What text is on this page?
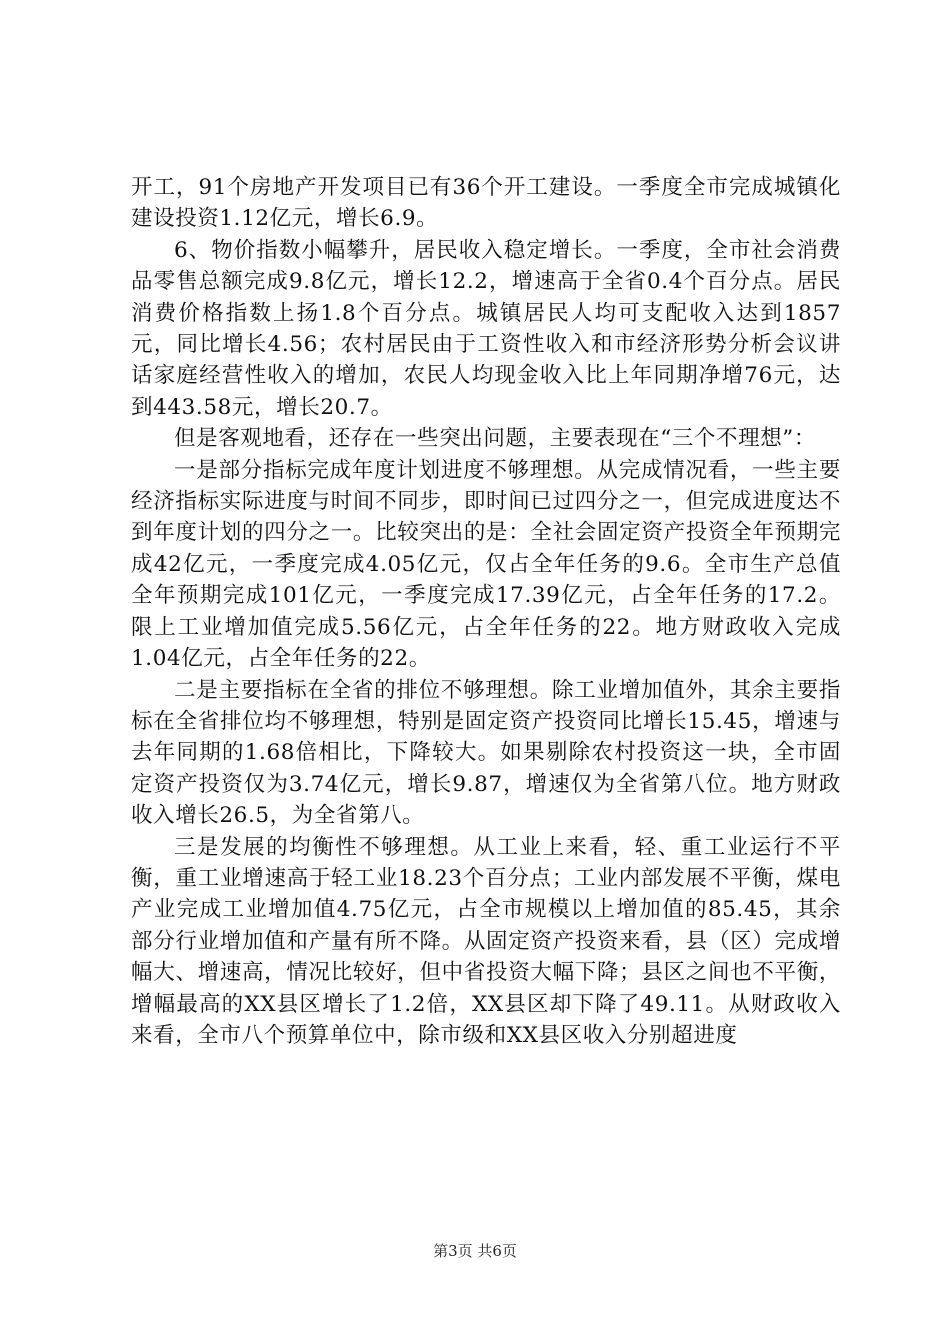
开工，91个房地产开发项目已有36个开工建设。一季度全市完成城镇化建设投资1.12亿元，增长6.9。

6、物价指数小幅攀升，居民收入稳定增长。一季度，全市社会消费品零售总额完成9.8亿元，增长12.2，增速高于全省0.4个百分点。居民消费价格指数上扬1.8个百分点。城镇居民人均可支配收入达到1857元，同比增长4.56；农村居民由于工资性收入和市经济形势分析会议讲话家庭经营性收入的增加，农民人均现金收入比上年同期净增76元，达到443.58元，增长20.7。

但是客观地看，还存在一些突出问题，主要表现在“三个不理想”：

一是部分指标完成年度计划进度不够理想。从完成情况看，一些主要经济指标实际进度与时间不同步，即时间已过四分之一，但完成进度达不到年度计划的四分之一。比较突出的是：全社会固定资产投资全年预期完成42亿元，一季度完成4.05亿元，仅占全年任务的9.6。全市生产总值全年预期完成101亿元，一季度完成17.39亿元，占全年任务的17.2。限上工业增加值完成5.56亿元，占全年任务的22。地方财政收入完成1.04亿元，占全年任务的22。

二是主要指标在全省的排位不够理想。除工业增加值外，其余主要指标在全省排位均不够理想，特别是固定资产投资同比增长15.45，增速与去年同期的1.68倍相比，下降较大。如果剔除农村投资这一块，全市固定资产投资仅为3.74亿元，增长9.87，增速仅为全省第八位。地方财政收入增长26.5，为全省第八。

三是发展的均衡性不够理想。从工业上来看，轻、重工业运行不平衡，重工业增速高于轻工业18.23个百分点；工业内部发展不平衡，煤电产业完成工业增加值4.75亿元，占全市规模以上增加值的85.45，其余部分行业增加值和产量有所不降。从固定资产投资来看，县（区）完成增幅大、增速高，情况比较好，但中省投资大幅下降；县区之间也不平衡，增幅最高的XX县区增长了1.2倍，XX县区却下降了49.11。从财政收入来看，全市八个预算单位中，除市级和XX县区收入分别超进度

第3页 共6页
